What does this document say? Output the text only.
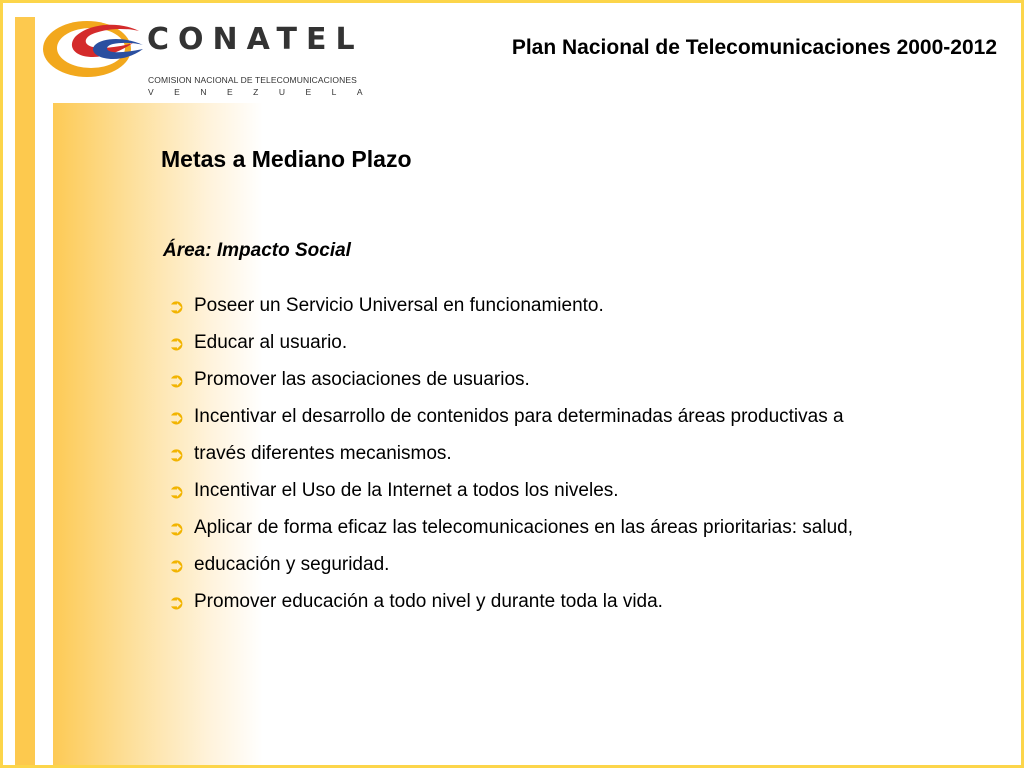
CONATEL
COMISION NACIONAL DE TELECOMUNICACIONES
VENEZUELA
Plan Nacional de Telecomunicaciones 2000-2012
Metas a Mediano Plazo
Área: Impacto Social
➲ Poseer un Servicio Universal en funcionamiento.
➲ Educar al usuario.
➲ Promover las asociaciones de usuarios.
➲ Incentivar el desarrollo de contenidos para determinadas áreas productivas a
➲ través diferentes mecanismos.
➲ Incentivar el Uso de la Internet a todos los niveles.
➲ Aplicar de forma eficaz las telecomunicaciones en las áreas prioritarias: salud,
➲ educación y seguridad.
➲ Promover educación a todo nivel y durante toda la vida.
